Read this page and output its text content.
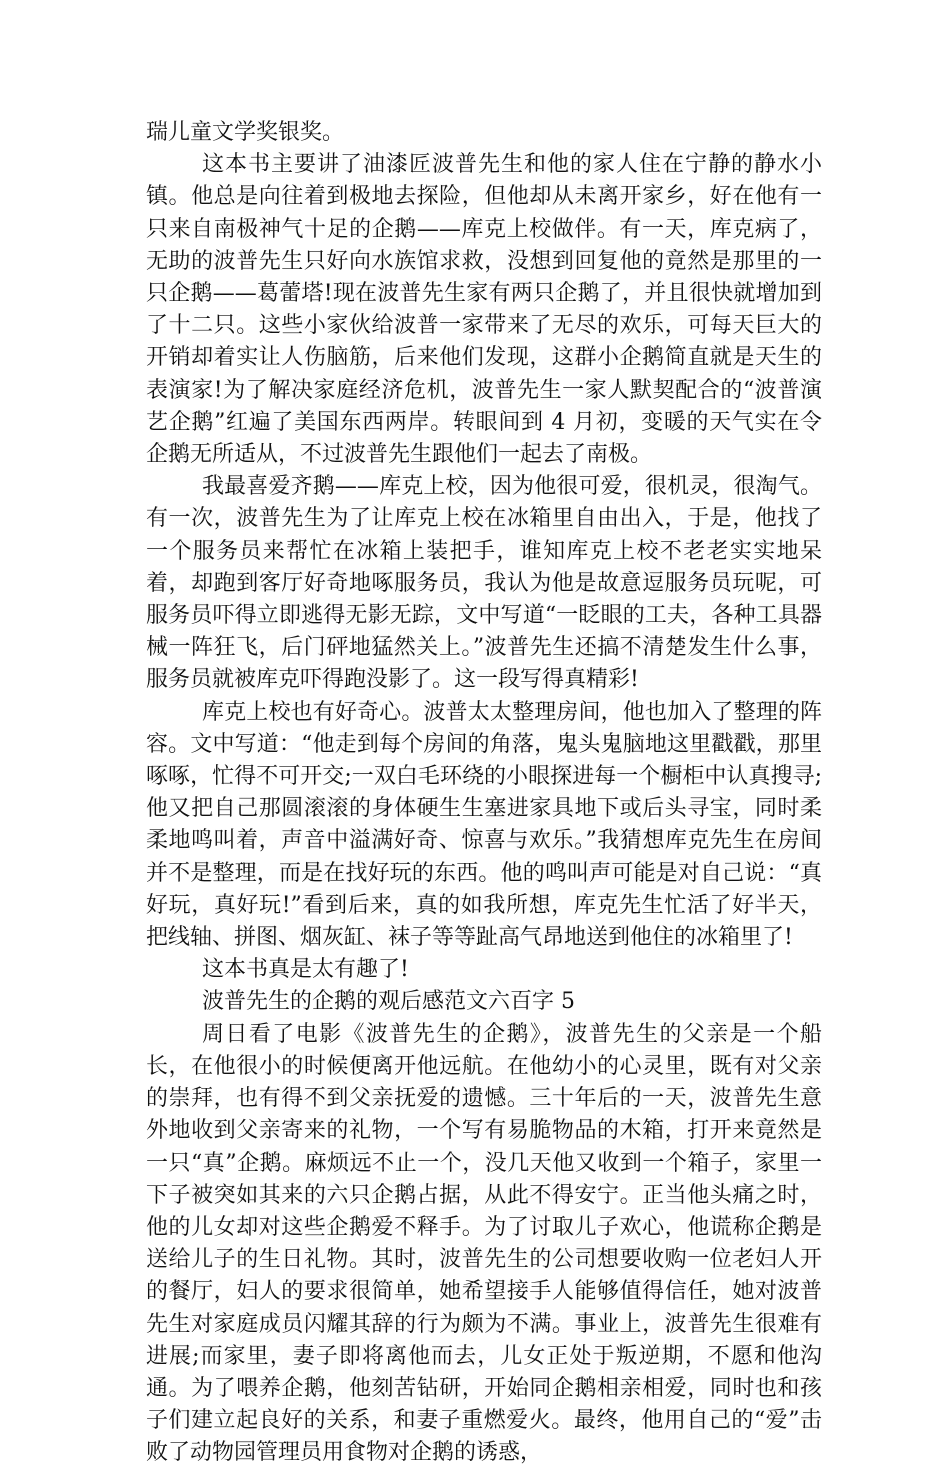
瑞儿童文学奖银奖。

这本书主要讲了油漆匠波普先生和他的家人住在宁静的静水小镇。他总是向往着到极地去探险，但他却从未离开家乡，好在他有一只来自南极神气十足的企鹅——库克上校做伴。有一天，库克病了，无助的波普先生只好向水族馆求救，没想到回复他的竟然是那里的一只企鹅——葛蕾塔!现在波普先生家有两只企鹅了，并且很快就增加到了十二只。这些小家伙给波普一家带来了无尽的欢乐，可每天巨大的开销却着实让人伤脑筋，后来他们发现，这群小企鹅简直就是天生的表演家!为了解决家庭经济危机，波普先生一家人默契配合的“波普演艺企鹅”红遍了美国东西两岸。转眼间到 4 月初，变暖的天气实在令企鹅无所适从，不过波普先生跟他们一起去了南极。

我最喜爱齐鹅——库克上校，因为他很可爱，很机灵，很淘气。有一次，波普先生为了让库克上校在冰箱里自由出入，于是，他找了一个服务员来帮忙在冰箱上装把手，谁知库克上校不老老实实地呆着，却跑到客厅好奇地啄服务员，我认为他是故意逗服务员玩呢，可服务员吓得立即逃得无影无踪，文中写道“一眨眼的工夫，各种工具器械一阵狂飞，后门砰地猛然关上。”波普先生还搞不清楚发生什么事，服务员就被库克吓得跑没影了。这一段写得真精彩!

库克上校也有好奇心。波普太太整理房间，他也加入了整理的阵容。文中写道：“他走到每个房间的角落，鬼头鬼脑地这里戳戳，那里啄啄，忙得不可开交;一双白毛环绕的小眼探进每一个橱柜中认真搜寻;他又把自己那圆滚滚的身体硬生生塞进家具地下或后头寻宝，同时柔柔地鸣叫着，声音中溢满好奇、惊喜与欢乐。”我猜想库克先生在房间并不是整理，而是在找好玩的东西。他的鸣叫声可能是对自己说：“真好玩，真好玩!”看到后来，真的如我所想，库克先生忙活了好半天，把线轴、拼图、烟灰缸、袜子等等趾高气昂地送到他住的冰箱里了!

这本书真是太有趣了!

波普先生的企鹅的观后感范文六百字 5

周日看了电影《波普先生的企鹅》，波普先生的父亲是一个船长，在他很小的时候便离开他远航。在他幼小的心灵里，既有对父亲的崇拜，也有得不到父亲抚爱的遗憾。三十年后的一天，波普先生意外地收到父亲寄来的礼物，一个写有易脆物品的木箱，打开来竟然是一只“真”企鹅。麻烦远不止一个，没几天他又收到一个箱子，家里一下子被突如其来的六只企鹅占据，从此不得安宁。正当他头痛之时，他的儿女却对这些企鹅爱不释手。为了讨取儿子欢心，他谎称企鹅是送给儿子的生日礼物。其时，波普先生的公司想要收购一位老妇人开的餐厅，妇人的要求很简单，她希望接手人能够值得信任，她对波普先生对家庭成员闪耀其辞的行为颇为不满。事业上，波普先生很难有进展;而家里，妻子即将离他而去，儿女正处于叛逆期，不愿和他沟通。为了喂养企鹅，他刻苦钻研，开始同企鹅相亲相爱，同时也和孩子们建立起良好的关系，和妻子重燃爱火。最终，他用自己的“爱”击败了动物园管理员用食物对企鹅的诱惑，
